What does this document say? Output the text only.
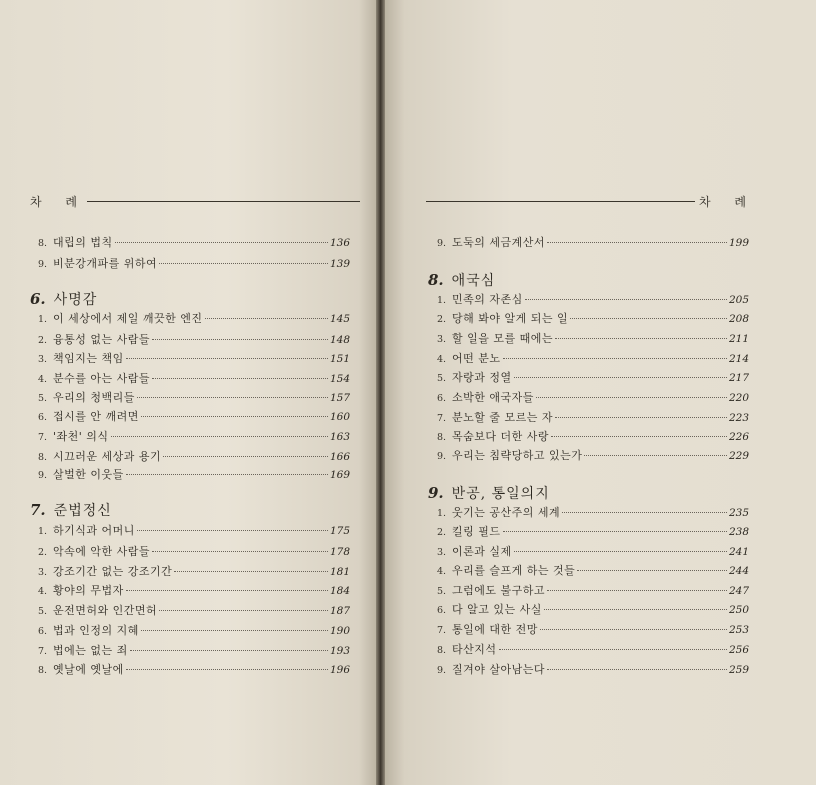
차 례	차 례
8. 대립의 법칙	136
9. 비분강개파를 위하여	139
6. 사명감
1. 이 세상에서 제일 깨끗한 엔진	145
2. 융통성 없는 사람들	148
3. 책임지는 책임	151
4. 분수를 아는 사람들	154
5. 우리의 청백리들	157
6. 접시를 안 깨려면	160
7. '좌천' 의식	163
8. 시끄러운 세상과 용기	166
9. 살벌한 이웃들	169
7. 준법정신
1. 하기식과 어머니	175
2. 악속에 악한 사람들	178
3. 강조기간 없는 강조기간	181
4. 황야의 무법자	184
5. 운전면허와 인간면허	187
6. 법과 인정의 지혜	190
7. 법에는 없는 죄	193
8. 옛날에 옛날에	196
9. 도둑의 세금계산서	199
8. 애국심
1. 민족의 자존심	205
2. 당해 봐야 알게 되는 일	208
3. 할 일을 모를 때에는	211
4. 어떤 분노	214
5. 자랑과 정열	217
6. 소박한 애국자들	220
7. 분노할 줄 모르는 자	223
8. 목숨보다 더한 사랑	226
9. 우리는 침략당하고 있는가	229
9. 반공, 통일의지
1. 웃기는 공산주의 세계	235
2. 킬링 필드	238
3. 이론과 실제	241
4. 우리를 슬프게 하는 것들	244
5. 그럼에도 불구하고	247
6. 다 알고 있는 사실	250
7. 통일에 대한 전망	253
8. 타산지석	256
9. 질겨야 살아남는다	259
